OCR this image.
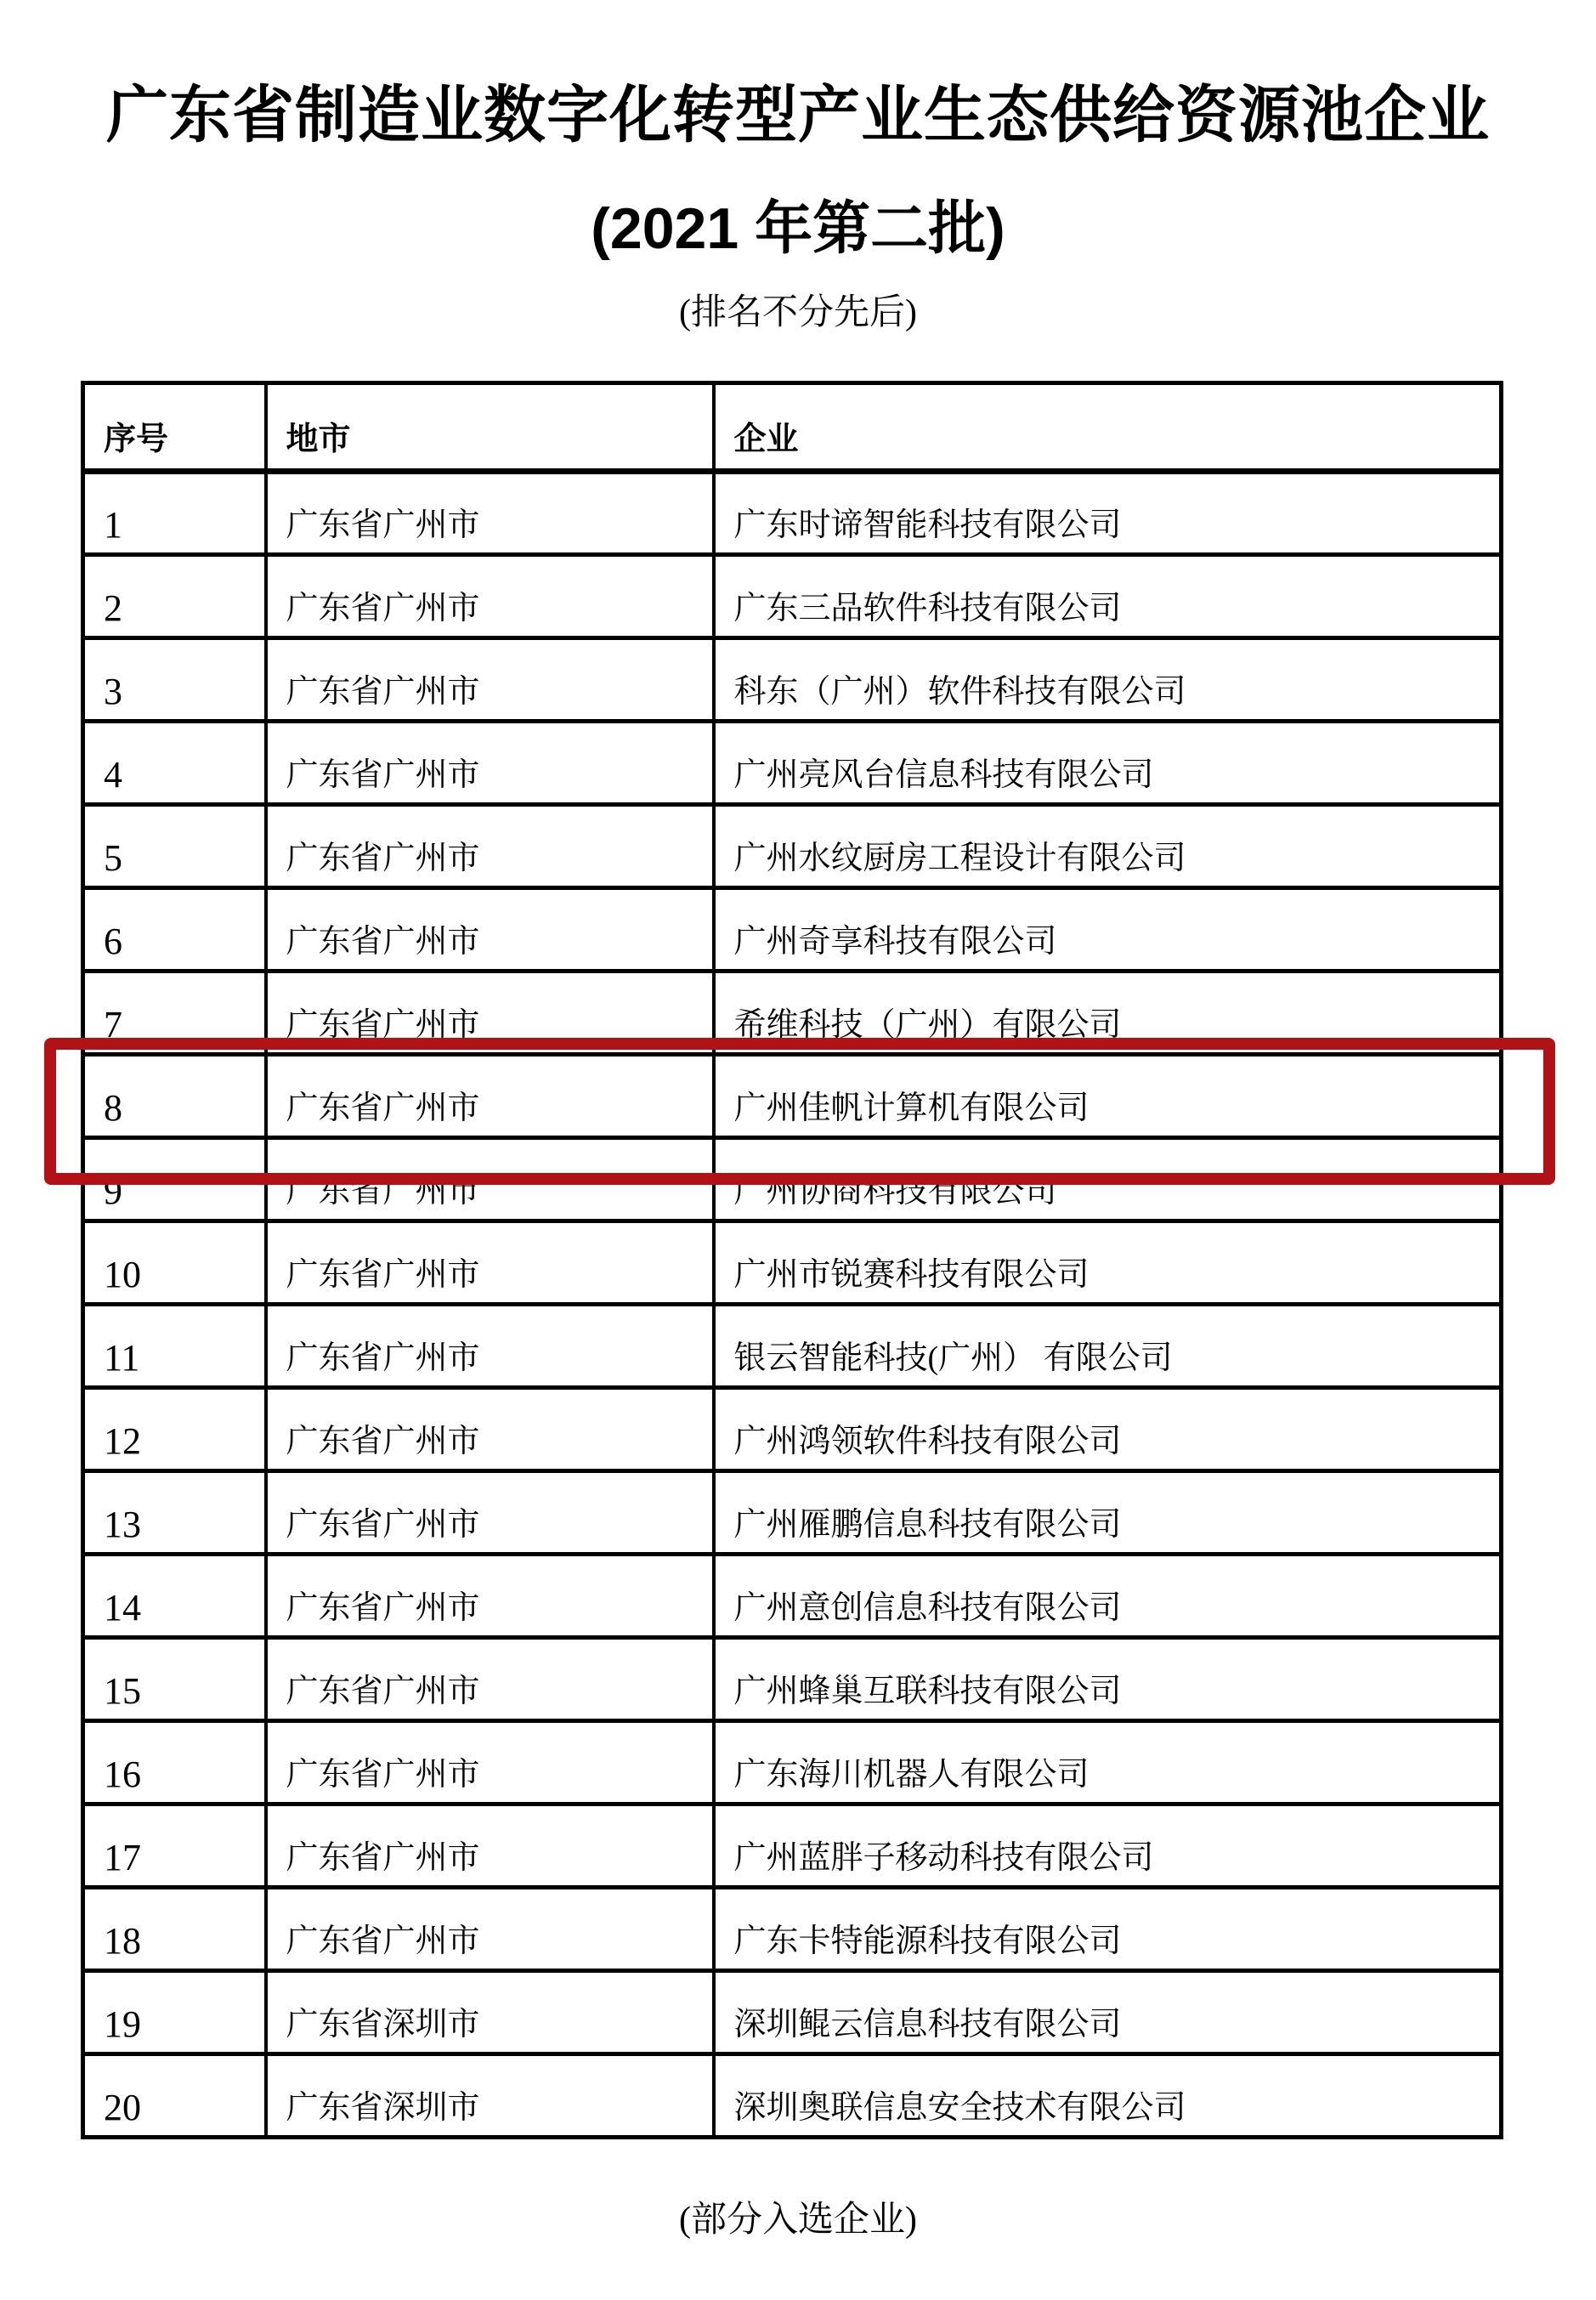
广东省制造业数字化转型产业生态供给资源池企业
(2021 年第二批)
(排名不分先后)
序号	地市	企业
1	广东省广州市	广东时谛智能科技有限公司
2	广东省广州市	广东三品软件科技有限公司
3	广东省广州市	科东（广州）软件科技有限公司
4	广东省广州市	广州亮风台信息科技有限公司
5	广东省广州市	广州水纹厨房工程设计有限公司
6	广东省广州市	广州奇享科技有限公司
7	广东省广州市	希维科技（广州）有限公司
8	广东省广州市	广州佳帆计算机有限公司
9	广东省广州市	广州协商科技有限公司
10	广东省广州市	广州市锐赛科技有限公司
11	广东省广州市	银云智能科技(广州） 有限公司
12	广东省广州市	广州鸿领软件科技有限公司
13	广东省广州市	广州雁鹏信息科技有限公司
14	广东省广州市	广州意创信息科技有限公司
15	广东省广州市	广州蜂巢互联科技有限公司
16	广东省广州市	广东海川机器人有限公司
17	广东省广州市	广州蓝胖子移动科技有限公司
18	广东省广州市	广东卡特能源科技有限公司
19	广东省深圳市	深圳鲲云信息科技有限公司
20	广东省深圳市	深圳奥联信息安全技术有限公司
(部分入选企业)
